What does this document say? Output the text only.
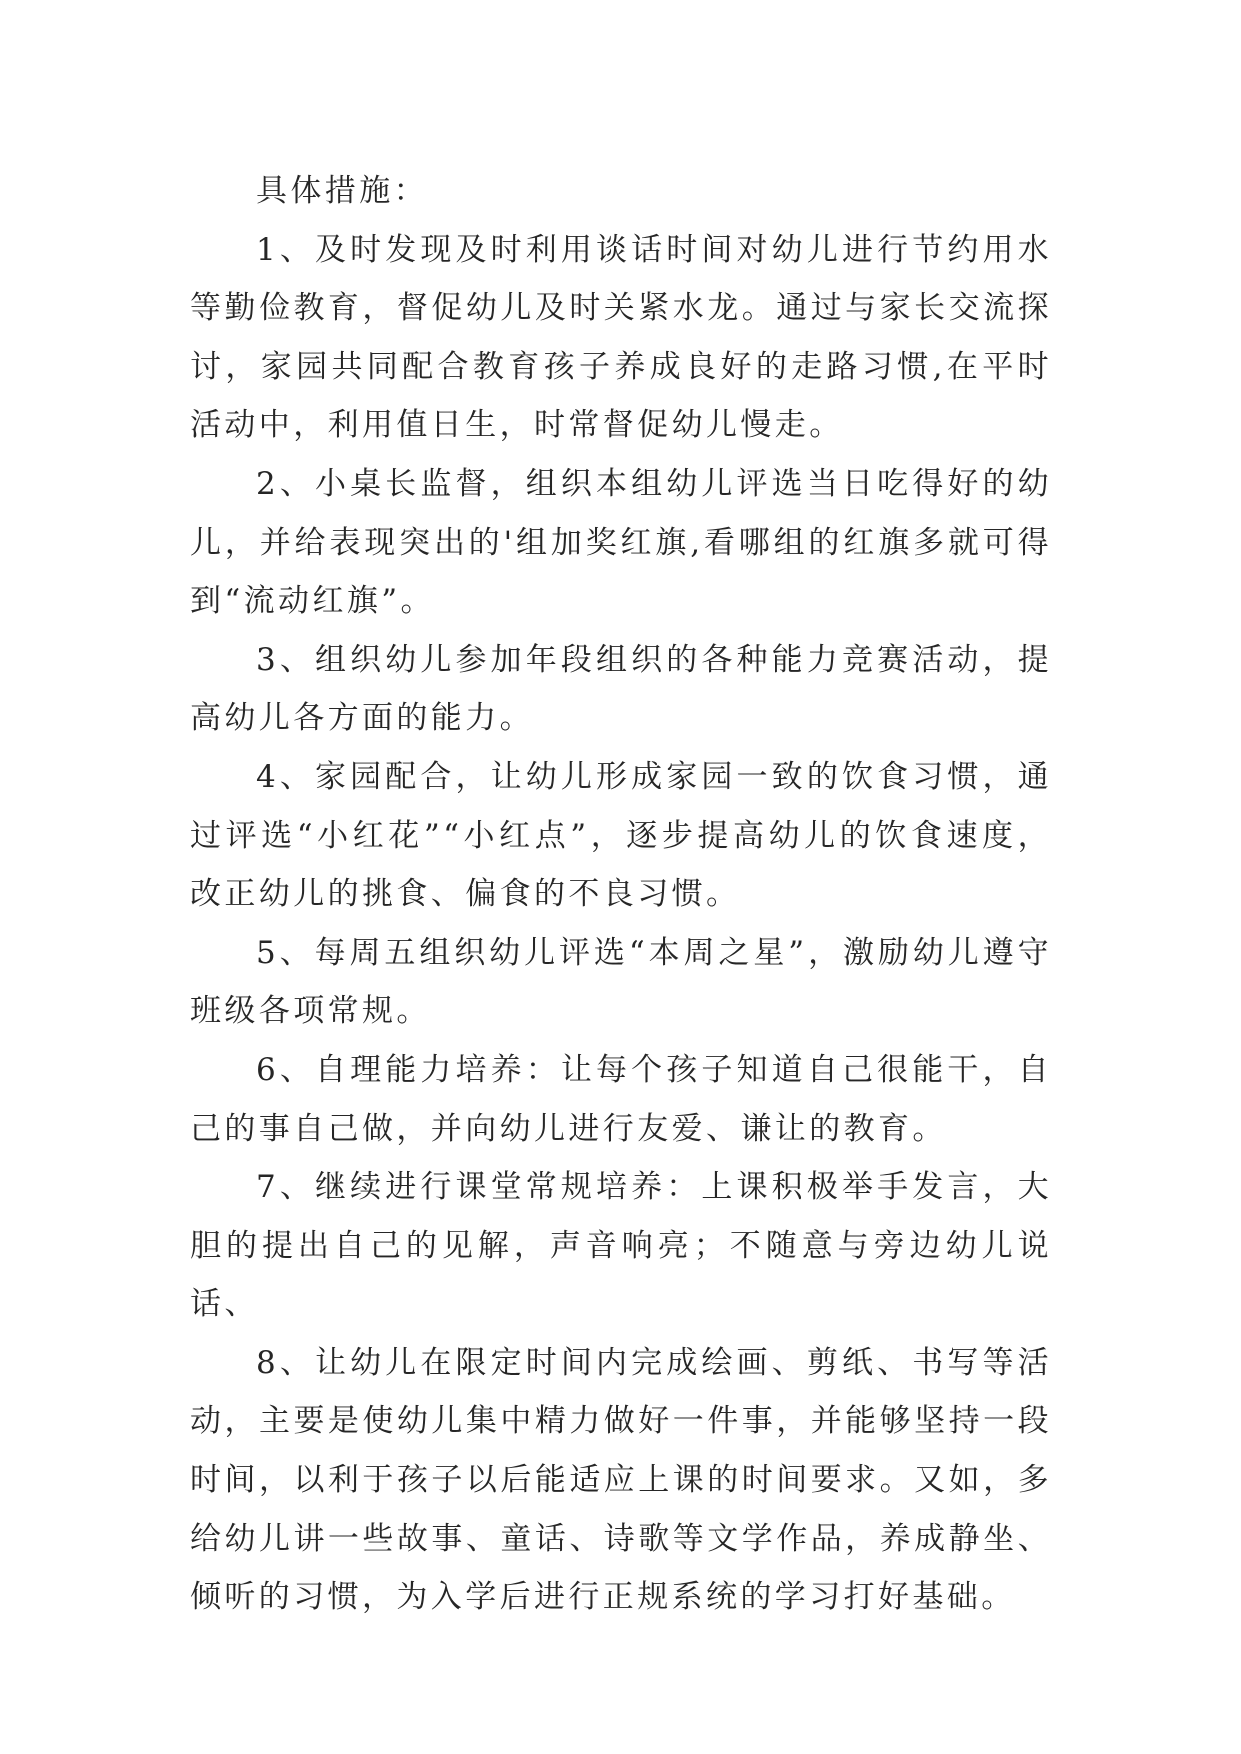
具体措施：

1、及时发现及时利用谈话时间对幼儿进行节约用水等勤俭教育，督促幼儿及时关紧水龙。通过与家长交流探讨，家园共同配合教育孩子养成良好的走路习惯,在平时活动中，利用值日生，时常督促幼儿慢走。

2、小桌长监督，组织本组幼儿评选当日吃得好的幼儿，并给表现突出的'组加奖红旗,看哪组的红旗多就可得到“流动红旗”。

3、组织幼儿参加年段组织的各种能力竞赛活动，提高幼儿各方面的能力。

4、家园配合，让幼儿形成家园一致的饮食习惯，通过评选“小红花”“小红点”，逐步提高幼儿的饮食速度，改正幼儿的挑食、偏食的不良习惯。

5、每周五组织幼儿评选“本周之星”，激励幼儿遵守班级各项常规。

6、自理能力培养：让每个孩子知道自己很能干，自己的事自己做，并向幼儿进行友爱、谦让的教育。

7、继续进行课堂常规培养：上课积极举手发言，大胆的提出自己的见解，声音响亮；不随意与旁边幼儿说话、

8、让幼儿在限定时间内完成绘画、剪纸、书写等活动，主要是使幼儿集中精力做好一件事，并能够坚持一段时间，以利于孩子以后能适应上课的时间要求。又如，多给幼儿讲一些故事、童话、诗歌等文学作品，养成静坐、倾听的习惯，为入学后进行正规系统的学习打好基础。
